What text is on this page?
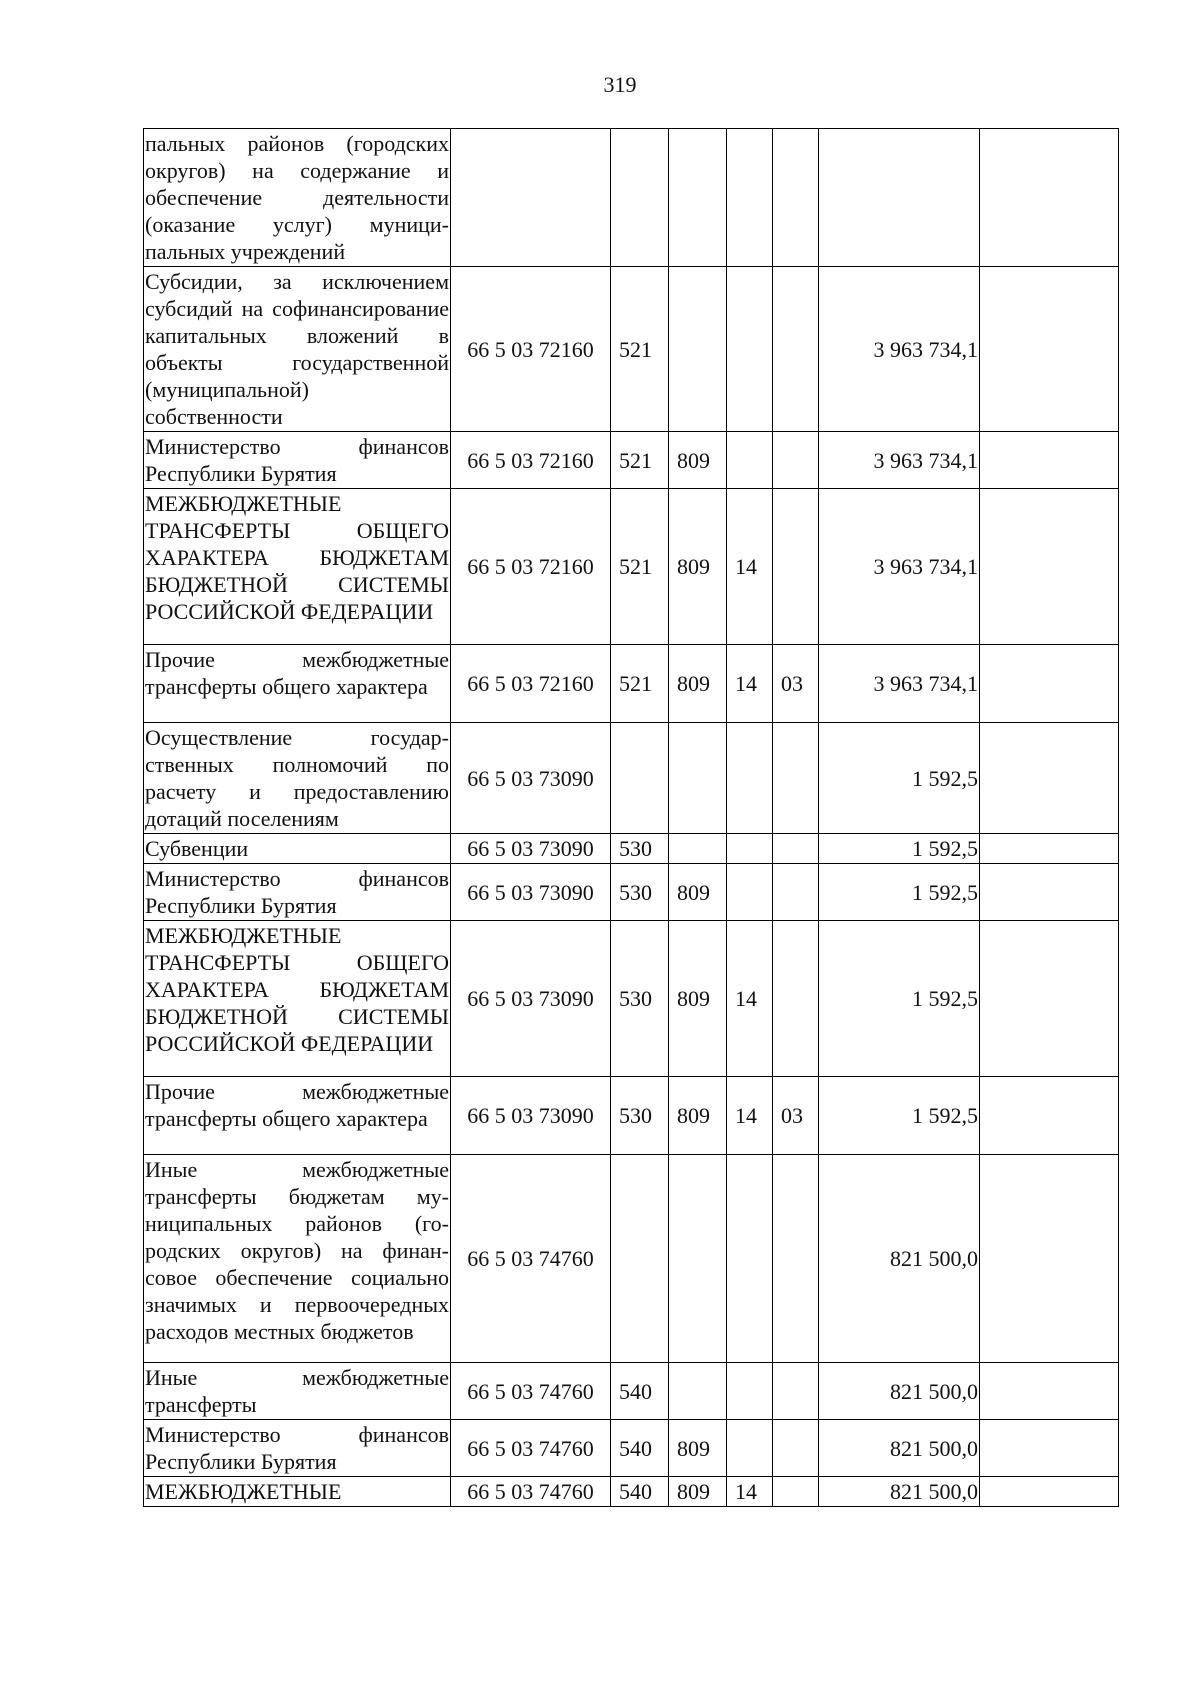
319
пальных районов (городских округов) на содержание и обеспечение деятельности (оказание услуг) муниципальных учреждений							
Субсидии, за исключением субсидий на софинансирование капитальных вложений в объекты государственной (муниципальной) собственности	66 5 03 72160	521				3 963 734,1	
Министерство финансов Республики Бурятия	66 5 03 72160	521	809			3 963 734,1	
МЕЖБЮДЖЕТНЫЕ ТРАНСФЕРТЫ ОБЩЕГО ХАРАКТЕРА БЮДЖЕТАМ БЮДЖЕТНОЙ СИСТЕМЫ РОССИЙСКОЙ ФЕДЕРАЦИИ	66 5 03 72160	521	809	14		3 963 734,1	
Прочие межбюджетные трансферты общего характера	66 5 03 72160	521	809	14	03	3 963 734,1	
Осуществление государственных полномочий по расчету и предоставлению дотаций поселениям	66 5 03 73090					1 592,5	
Субвенции	66 5 03 73090	530				1 592,5	
Министерство финансов Республики Бурятия	66 5 03 73090	530	809			1 592,5	
МЕЖБЮДЖЕТНЫЕ ТРАНСФЕРТЫ ОБЩЕГО ХАРАКТЕРА БЮДЖЕТАМ БЮДЖЕТНОЙ СИСТЕМЫ РОССИЙСКОЙ ФЕДЕРАЦИИ	66 5 03 73090	530	809	14		1 592,5	
Прочие межбюджетные трансферты общего характера	66 5 03 73090	530	809	14	03	1 592,5	
Иные межбюджетные трансферты бюджетам муниципальных районов (городских округов) на финансовое обеспечение социально значимых и первоочередных расходов местных бюджетов	66 5 03 74760					821 500,0	
Иные межбюджетные трансферты	66 5 03 74760	540				821 500,0	
Министерство финансов Республики Бурятия	66 5 03 74760	540	809			821 500,0	
МЕЖБЮДЖЕТНЫЕ	66 5 03 74760	540	809	14		821 500,0	
